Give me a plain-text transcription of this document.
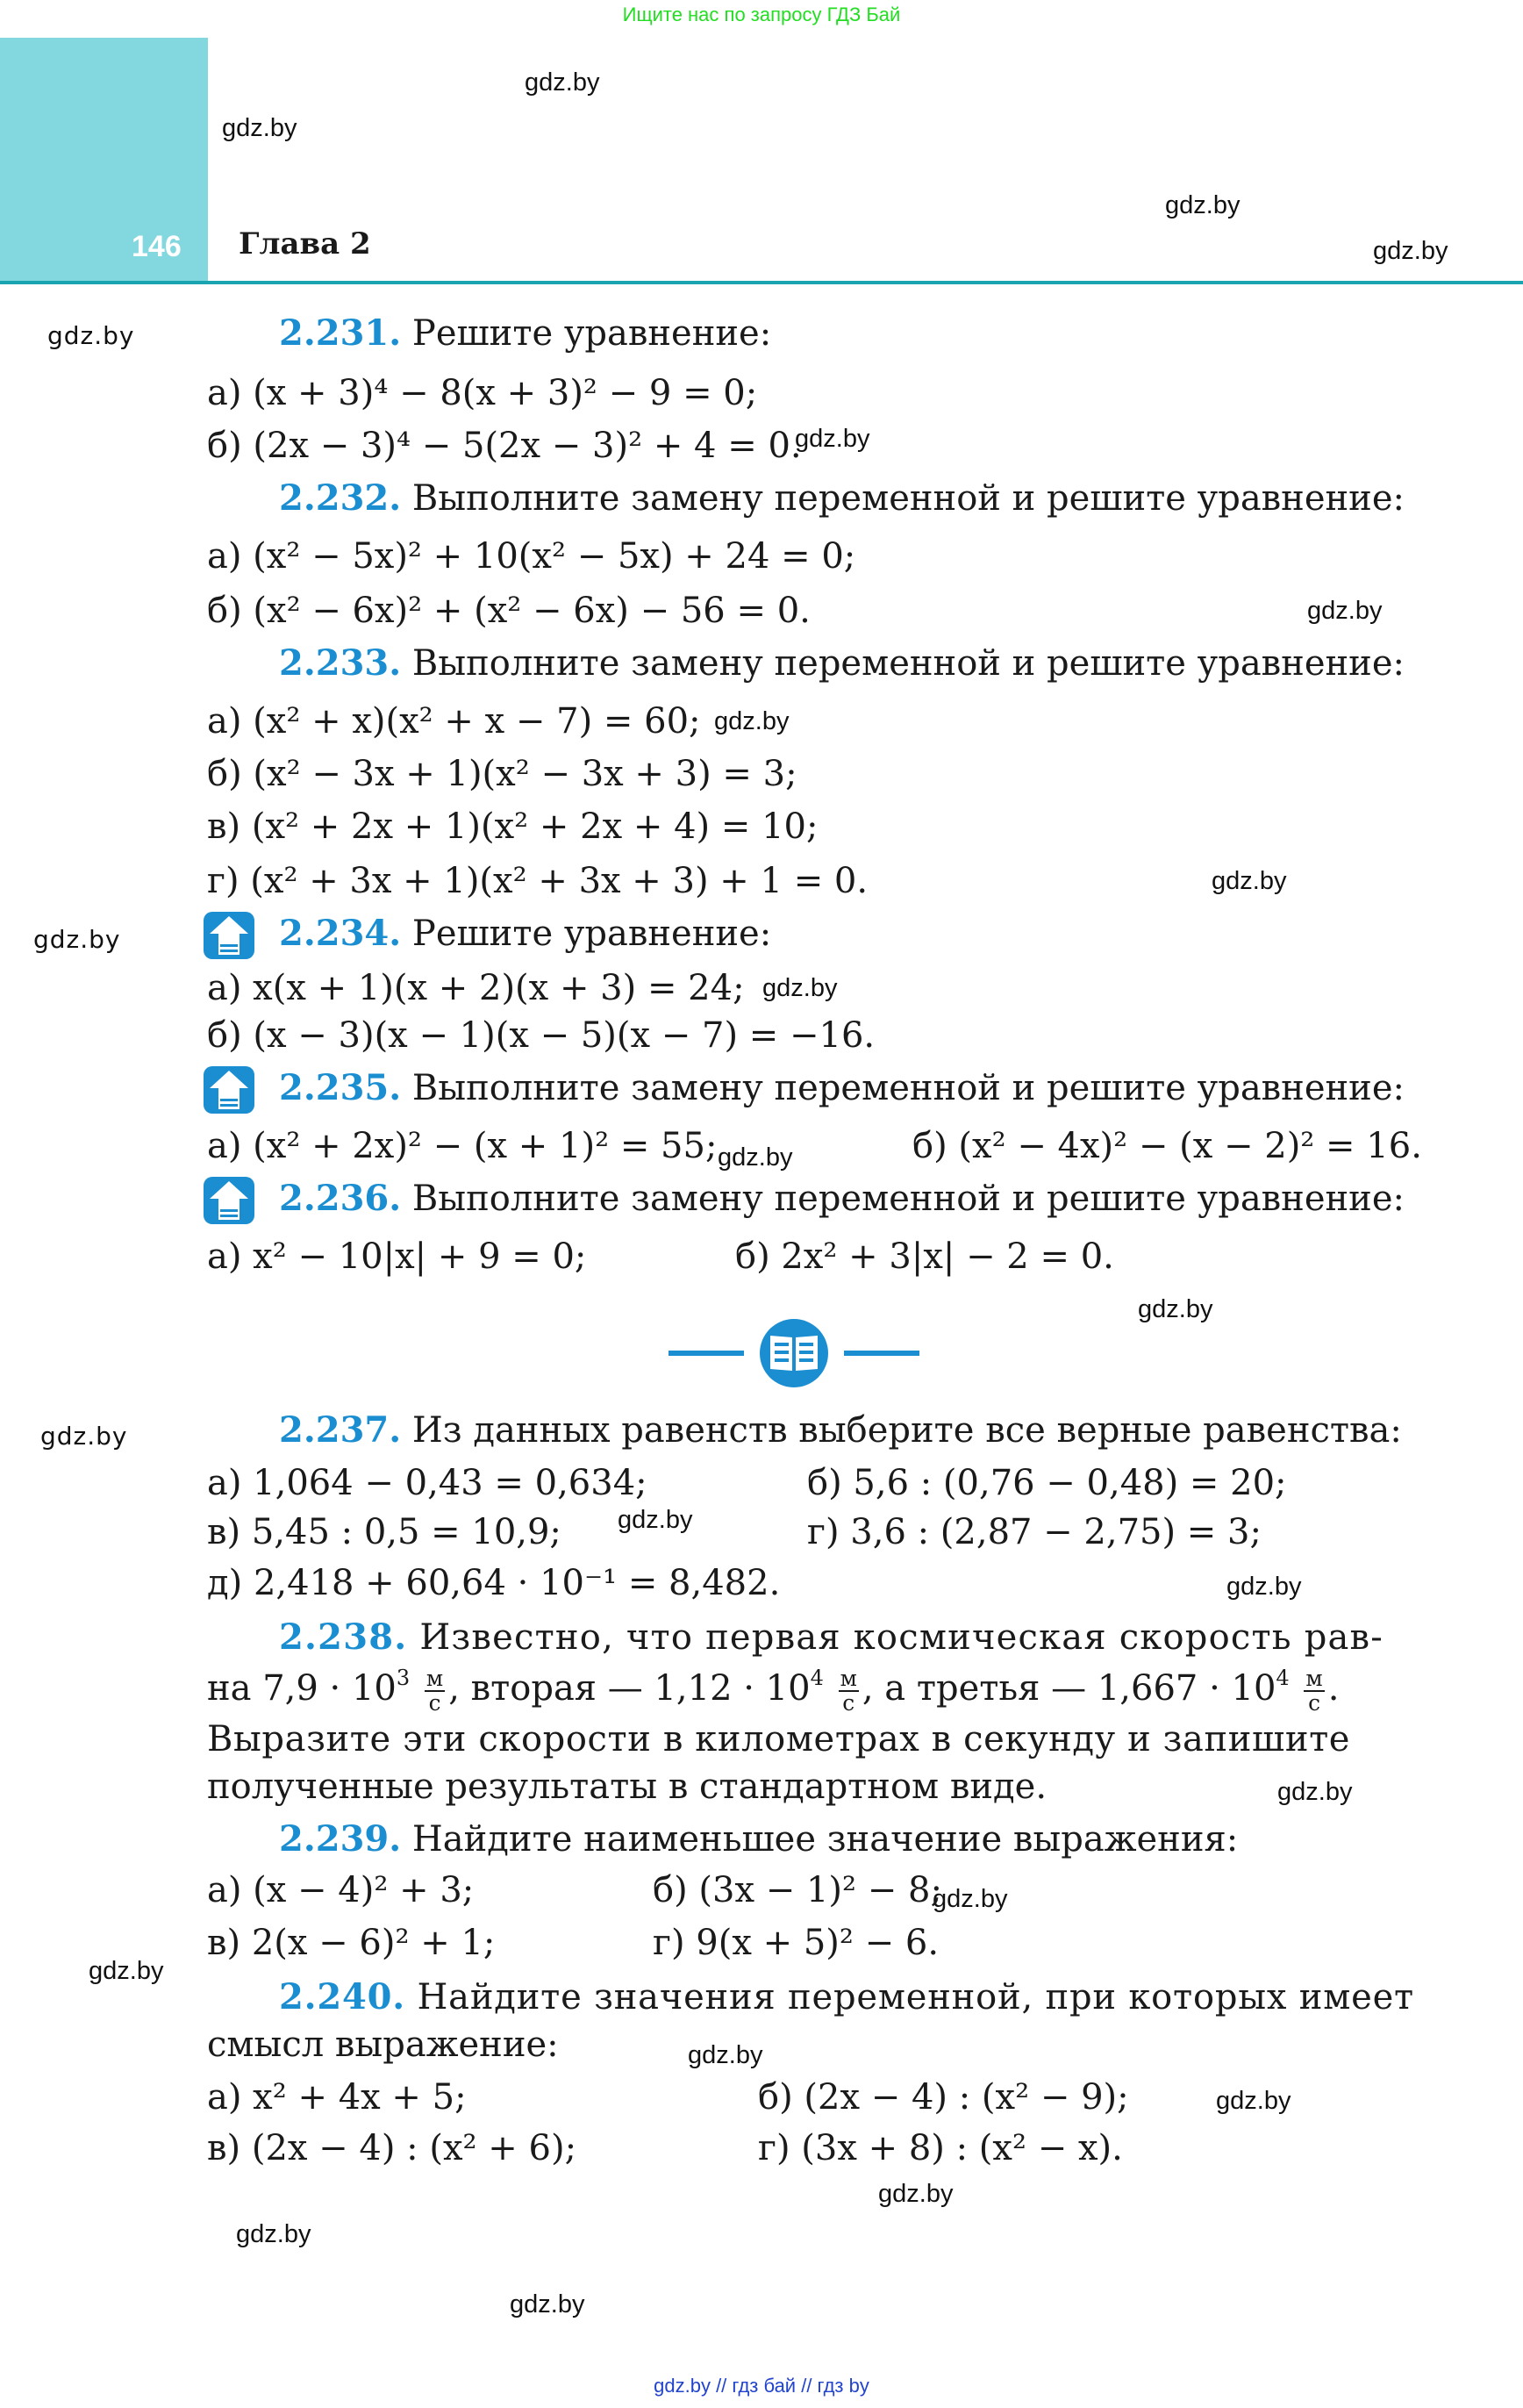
Ищите нас по запросу ГДЗ Бай
146 Глава 2
gdz.by
gdz.by
gdz.by
gdz.by
gdz.by
gdz.by
gdz.by
gdz.by
gdz.by
gdz.by
gdz.by
gdz.by
gdz.by
gdz.by
gdz.by
gdz.by
gdz.by
gdz.by
gdz.by
gdz.by
gdz.by
gdz.by
gdz.by
gdz.by
2.231. Решите уравнение:
а) (x + 3)⁴ − 8(x + 3)² − 9 = 0;
б) (2x − 3)⁴ − 5(2x − 3)² + 4 = 0.
2.232. Выполните замену переменной и решите уравнение:
а) (x² − 5x)² + 10(x² − 5x) + 24 = 0;
б) (x² − 6x)² + (x² − 6x) − 56 = 0.
2.233. Выполните замену переменной и решите уравнение:
а) (x² + x)(x² + x − 7) = 60;
б) (x² − 3x + 1)(x² − 3x + 3) = 3;
в) (x² + 2x + 1)(x² + 2x + 4) = 10;
г) (x² + 3x + 1)(x² + 3x + 3) + 1 = 0.
2.234. Решите уравнение:
а) x(x + 1)(x + 2)(x + 3) = 24;
б) (x − 3)(x − 1)(x − 5)(x − 7) = −16.
2.235. Выполните замену переменной и решите уравнение:
а) (x² + 2x)² − (x + 1)² = 55;	б) (x² − 4x)² − (x − 2)² = 16.
2.236. Выполните замену переменной и решите уравнение:
а) x² − 10|x| + 9 = 0;	б) 2x² + 3|x| − 2 = 0.
2.237. Из данных равенств выберите все верные равенства:
а) 1,064 − 0,43 = 0,634;	б) 5,6 : (0,76 − 0,48) = 20;
в) 5,45 : 0,5 = 10,9;	г) 3,6 : (2,87 − 2,75) = 3;
д) 2,418 + 60,64 · 10⁻¹ = 8,482.
2.238. Известно, что первая космическая скорость рав-
на $7,9 \cdot 10^3 \frac{м}{с}$ , вторая — $1,12 \cdot 10^4 \frac{м}{с}$ , а третья — $1,667 \cdot 10^4 \frac{м}{с}$ .
Выразите эти скорости в километрах в секунду и запишите
полученные результаты в стандартном виде.
2.239. Найдите наименьшее значение выражения:
а) (x − 4)² + 3;	б) (3x − 1)² − 8;
в) 2(x − 6)² + 1;	г) 9(x + 5)² − 6.
2.240. Найдите значения переменной, при которых имеет
смысл выражение:
а) x² + 4x + 5;	б) (2x − 4) : (x² − 9);
в) (2x − 4) : (x² + 6);	г) (3x + 8) : (x² − x).
gdz.by // гдз бай // гдз by
